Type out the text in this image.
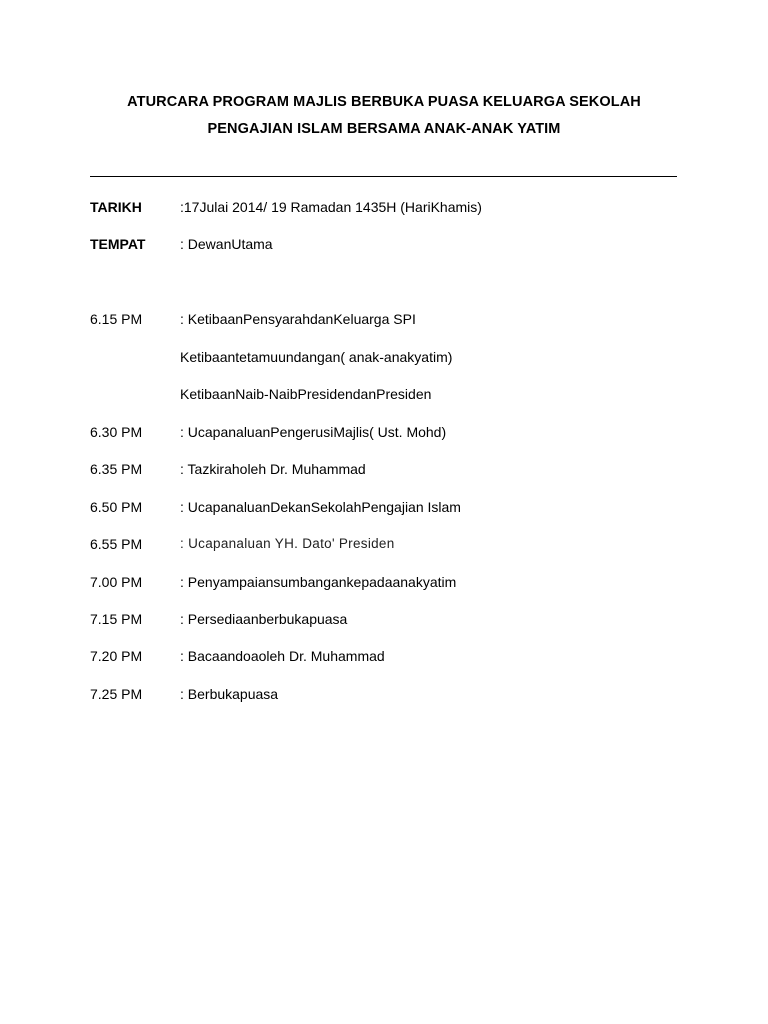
ATURCARA PROGRAM MAJLIS BERBUKA PUASA KELUARGA SEKOLAH
PENGAJIAN ISLAM BERSAMA ANAK-ANAK YATIM
TARIKH	:17Julai 2014/ 19 Ramadan 1435H (HariKhamis)
TEMPAT : DewanUtama
6.15 PM	: KetibaanPensyarahdanKeluarga SPI
Ketibaantetamuundangan( anak-anakyatim)
KetibaanNaib-NaibPresidendanPresiden
6.30 PM	: UcapanaluanPengerusiMajlis( Ust. Mohd)
6.35 PM	: Tazkiraholeh Dr. Muhammad
6.50 PM	: UcapanaluanDekanSekolahPengajian Islam
6.55 PM	: Ucapanaluan YH. Dato' Presiden
7.00 PM	: Penyampaiansumbangankepadaanakyatim
7.15 PM	: Persediaanberbukapuasa
7.20 PM	: Bacaandoaoleh Dr. Muhammad
7.25 PM	: Berbukapuasa
